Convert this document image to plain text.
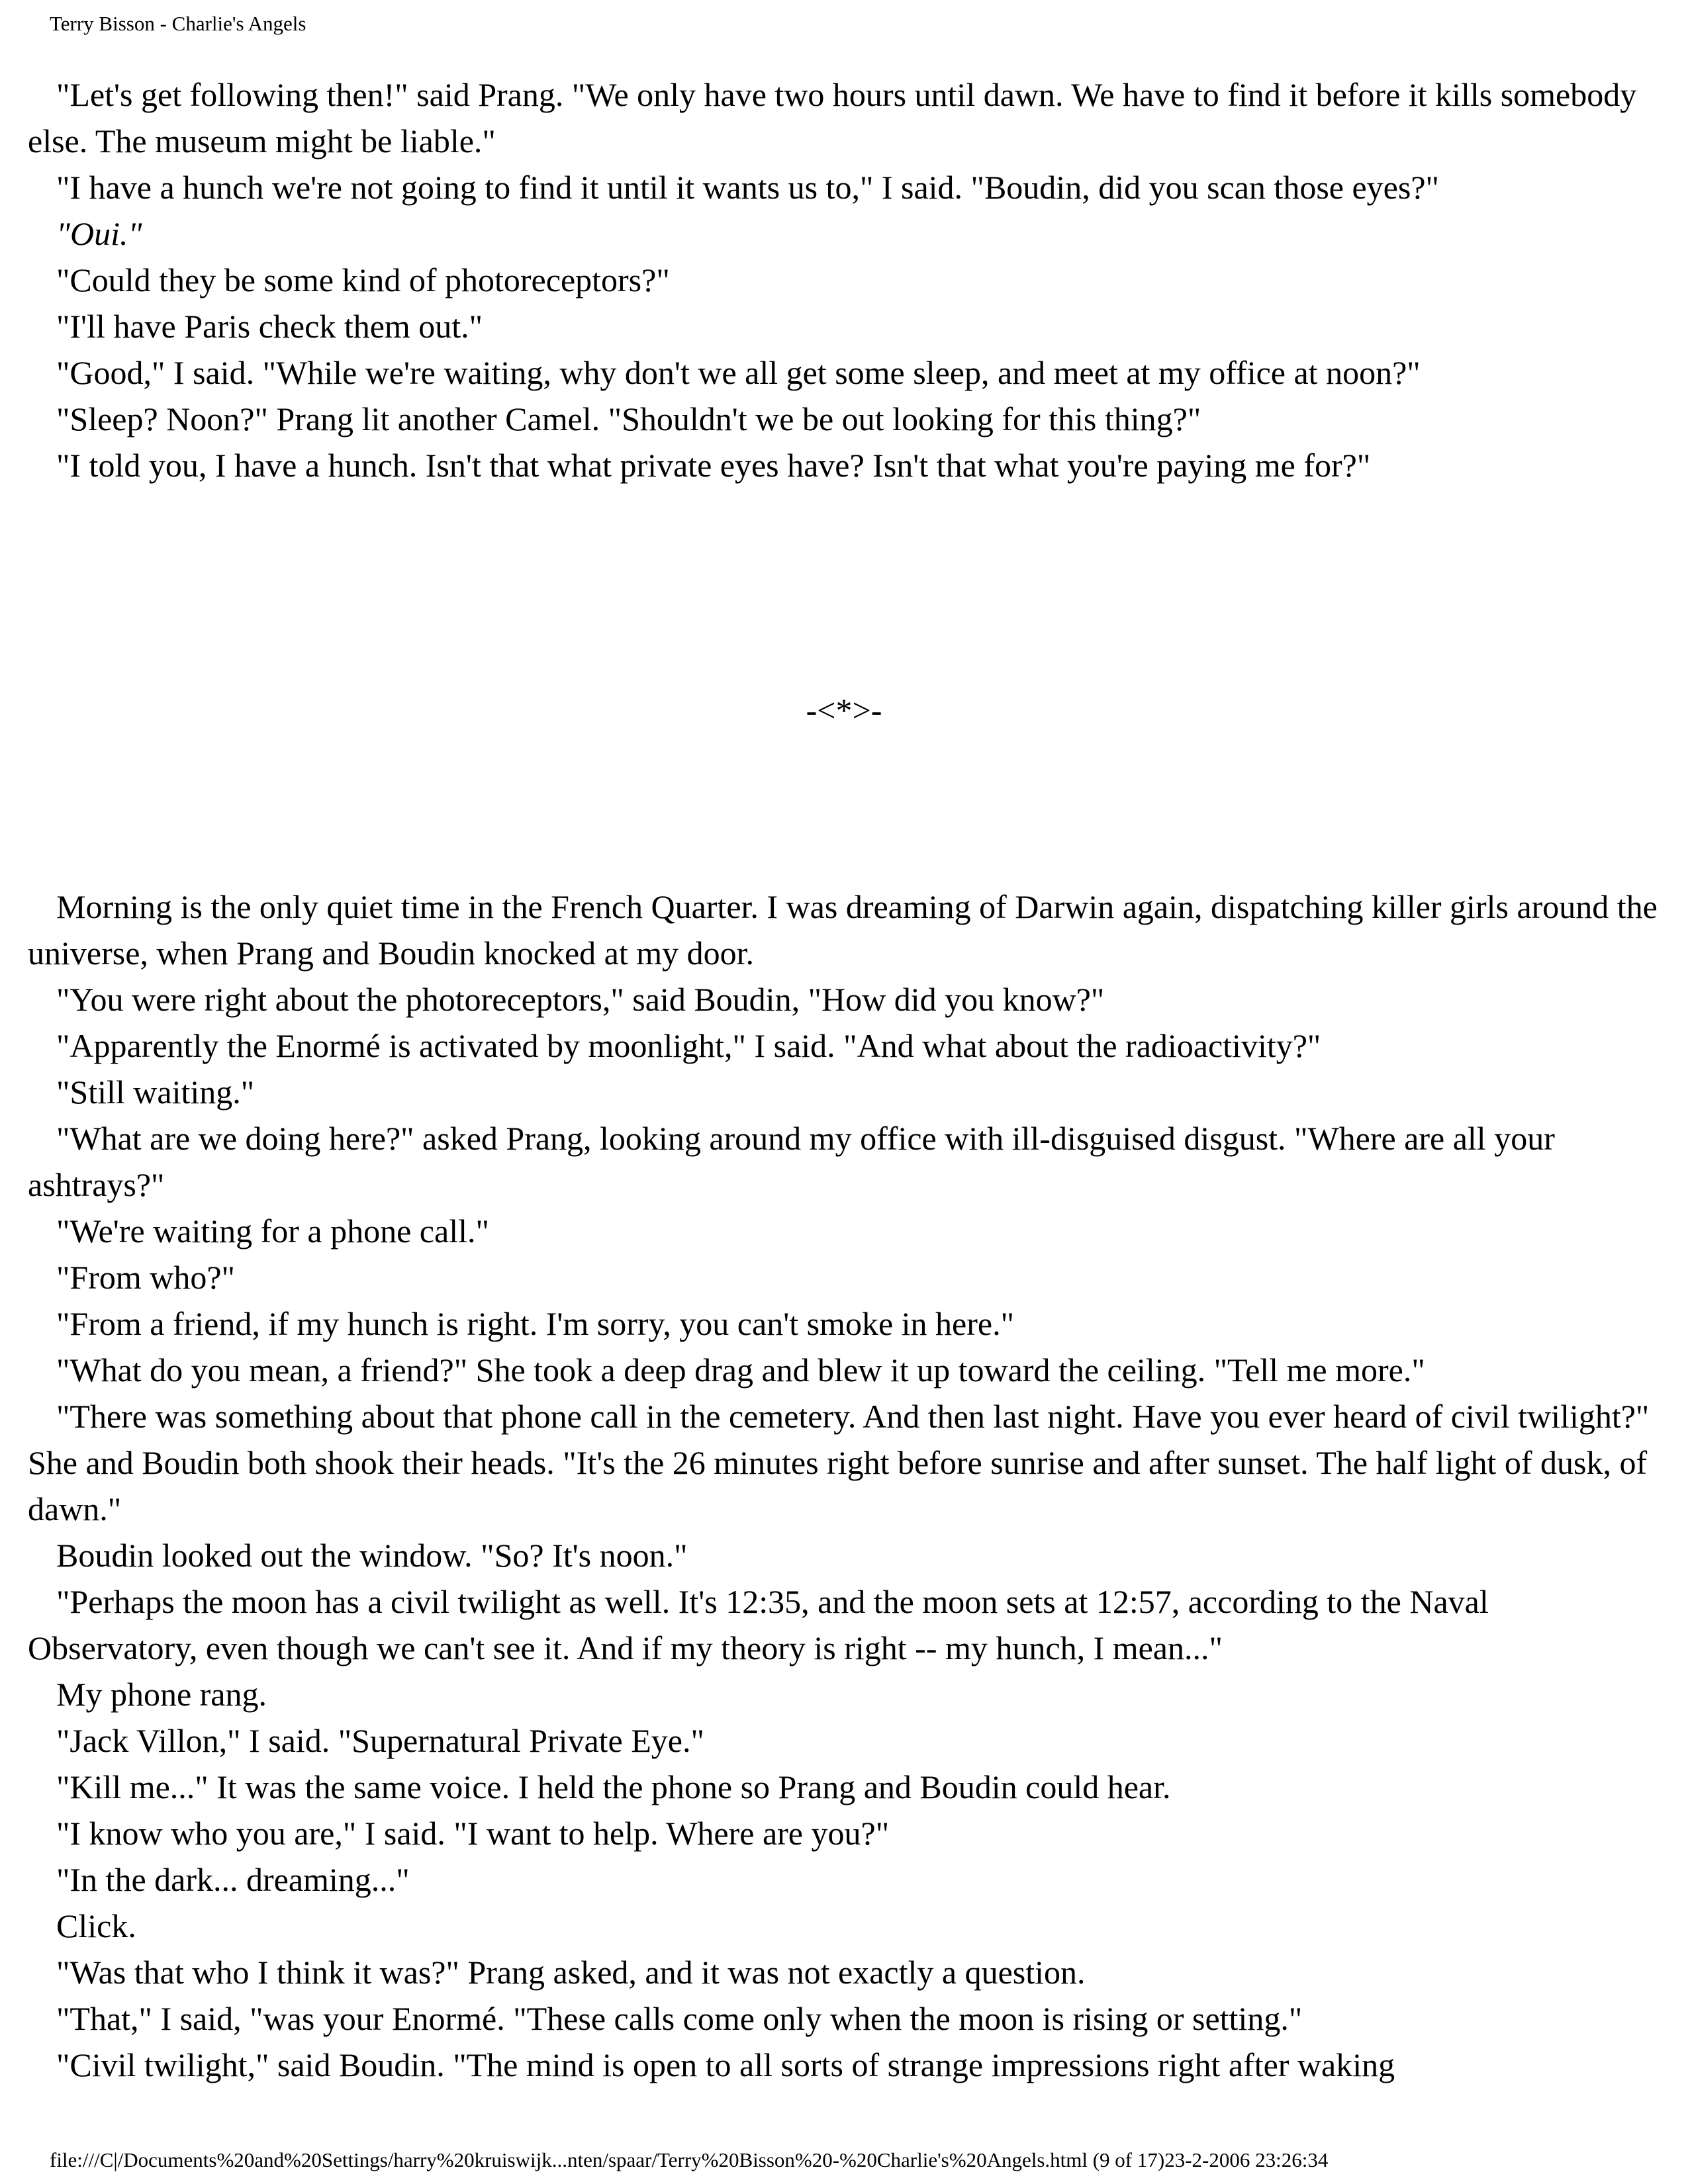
Terry Bisson - Charlie's Angels

"Let's get following then!" said Prang. "We only have two hours until dawn. We have to find it before it kills somebody else. The museum might be liable."

"I have a hunch we're not going to find it until it wants us to," I said. "Boudin, did you scan those eyes?"

"Oui."

"Could they be some kind of photoreceptors?"

"I'll have Paris check them out."

"Good," I said. "While we're waiting, why don't we all get some sleep, and meet at my office at noon?"

"Sleep? Noon?" Prang lit another Camel. "Shouldn't we be out looking for this thing?"

"I told you, I have a hunch. Isn't that what private eyes have? Isn't that what you're paying me for?"

-<*>-

Morning is the only quiet time in the French Quarter. I was dreaming of Darwin again, dispatching killer girls around the universe, when Prang and Boudin knocked at my door.

"You were right about the photoreceptors," said Boudin, "How did you know?"

"Apparently the Enormé is activated by moonlight," I said. "And what about the radioactivity?"

"Still waiting."

"What are we doing here?" asked Prang, looking around my office with ill-disguised disgust. "Where are all your ashtrays?"

"We're waiting for a phone call."

"From who?"

"From a friend, if my hunch is right. I'm sorry, you can't smoke in here."

"What do you mean, a friend?" She took a deep drag and blew it up toward the ceiling. "Tell me more."

"There was something about that phone call in the cemetery. And then last night. Have you ever heard of civil twilight?" She and Boudin both shook their heads. "It's the 26 minutes right before sunrise and after sunset. The half light of dusk, of dawn."

Boudin looked out the window. "So? It's noon."

"Perhaps the moon has a civil twilight as well. It's 12:35, and the moon sets at 12:57, according to the Naval Observatory, even though we can't see it. And if my theory is right -- my hunch, I mean..."

My phone rang.

"Jack Villon," I said. "Supernatural Private Eye."

"Kill me..." It was the same voice. I held the phone so Prang and Boudin could hear.

"I know who you are," I said. "I want to help. Where are you?"

"In the dark... dreaming..."

Click.

"Was that who I think it was?" Prang asked, and it was not exactly a question.

"That," I said, "was your Enormé. "These calls come only when the moon is rising or setting."

"Civil twilight," said Boudin. "The mind is open to all sorts of strange impressions right after waking

file:///C|/Documents%20and%20Settings/harry%20kruiswijk...nten/spaar/Terry%20Bisson%20-%20Charlie's%20Angels.html (9 of 17)23-2-2006 23:26:34
